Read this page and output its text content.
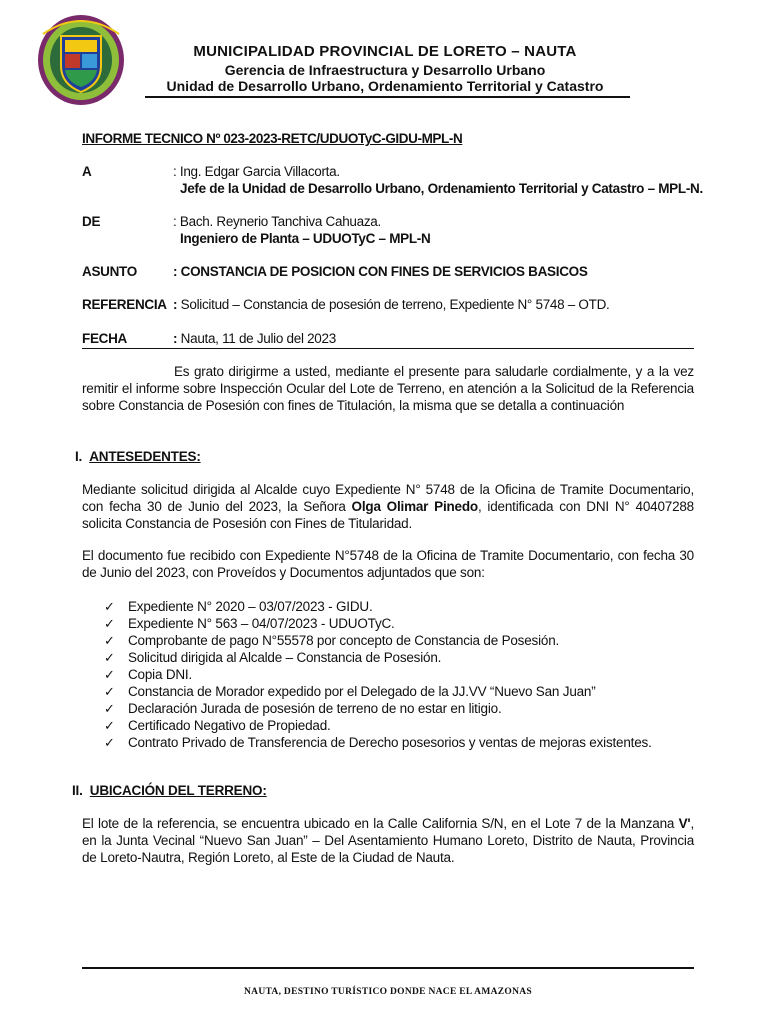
MUNICIPALIDAD PROVINCIAL DE LORETO – NAUTA
Gerencia de Infraestructura y Desarrollo Urbano
Unidad de Desarrollo Urbano, Ordenamiento Territorial y Catastro
INFORME TECNICO Nº 023-2023-RETC/UDUOTyC-GIDU-MPL-N
A	: Ing. Edgar Garcia Villacorta.
Jefe de la Unidad de Desarrollo Urbano, Ordenamiento Territorial y Catastro – MPL-N.
DE	: Bach. Reynerio Tanchiva Cahuaza.
Ingeniero de Planta – UDUOTyC – MPL-N
ASUNTO	: CONSTANCIA DE POSICION CON FINES DE SERVICIOS BASICOS
REFERENCIA : Solicitud – Constancia de posesión de terreno, Expediente N° 5748 – OTD.
FECHA	: Nauta, 11 de Julio del 2023
Es grato dirigirme a usted, mediante el presente para saludarle cordialmente, y a la vez remitir el informe sobre Inspección Ocular del Lote de Terreno, en atención a la Solicitud de la Referencia sobre Constancia de Posesión con fines de Titulación, la misma que se detalla a continuación
I. ANTESEDENTES:
Mediante solicitud dirigida al Alcalde cuyo Expediente N° 5748 de la Oficina de Tramite Documentario, con fecha 30 de Junio del 2023, la Señora Olga Olimar Pinedo, identificada con DNI N° 40407288 solicita Constancia de Posesión con Fines de Titularidad.
El documento fue recibido con Expediente N°5748 de la Oficina de Tramite Documentario, con fecha 30 de Junio del 2023, con Proveídos y Documentos adjuntados que son:
✓ Expediente N° 2020 – 03/07/2023 - GIDU.
✓ Expediente N° 563 – 04/07/2023 - UDUOTyC.
✓ Comprobante de pago N°55578 por concepto de Constancia de Posesión.
✓ Solicitud dirigida al Alcalde – Constancia de Posesión.
✓ Copia DNI.
✓ Constancia de Morador expedido por el Delegado de la JJ.VV “Nuevo San Juan”
✓ Declaración Jurada de posesión de terreno de no estar en litigio.
✓ Certificado Negativo de Propiedad.
✓ Contrato Privado de Transferencia de Derecho posesorios y ventas de mejoras existentes.
II. UBICACIÓN DEL TERRENO:
El lote de la referencia, se encuentra ubicado en la Calle California S/N, en el Lote 7 de la Manzana V', en la Junta Vecinal “Nuevo San Juan” – Del Asentamiento Humano Loreto, Distrito de Nauta, Provincia de Loreto-Nautra, Región Loreto, al Este de la Ciudad de Nauta.
NAUTA, DESTINO TURÍSTICO DONDE NACE EL AMAZONAS
